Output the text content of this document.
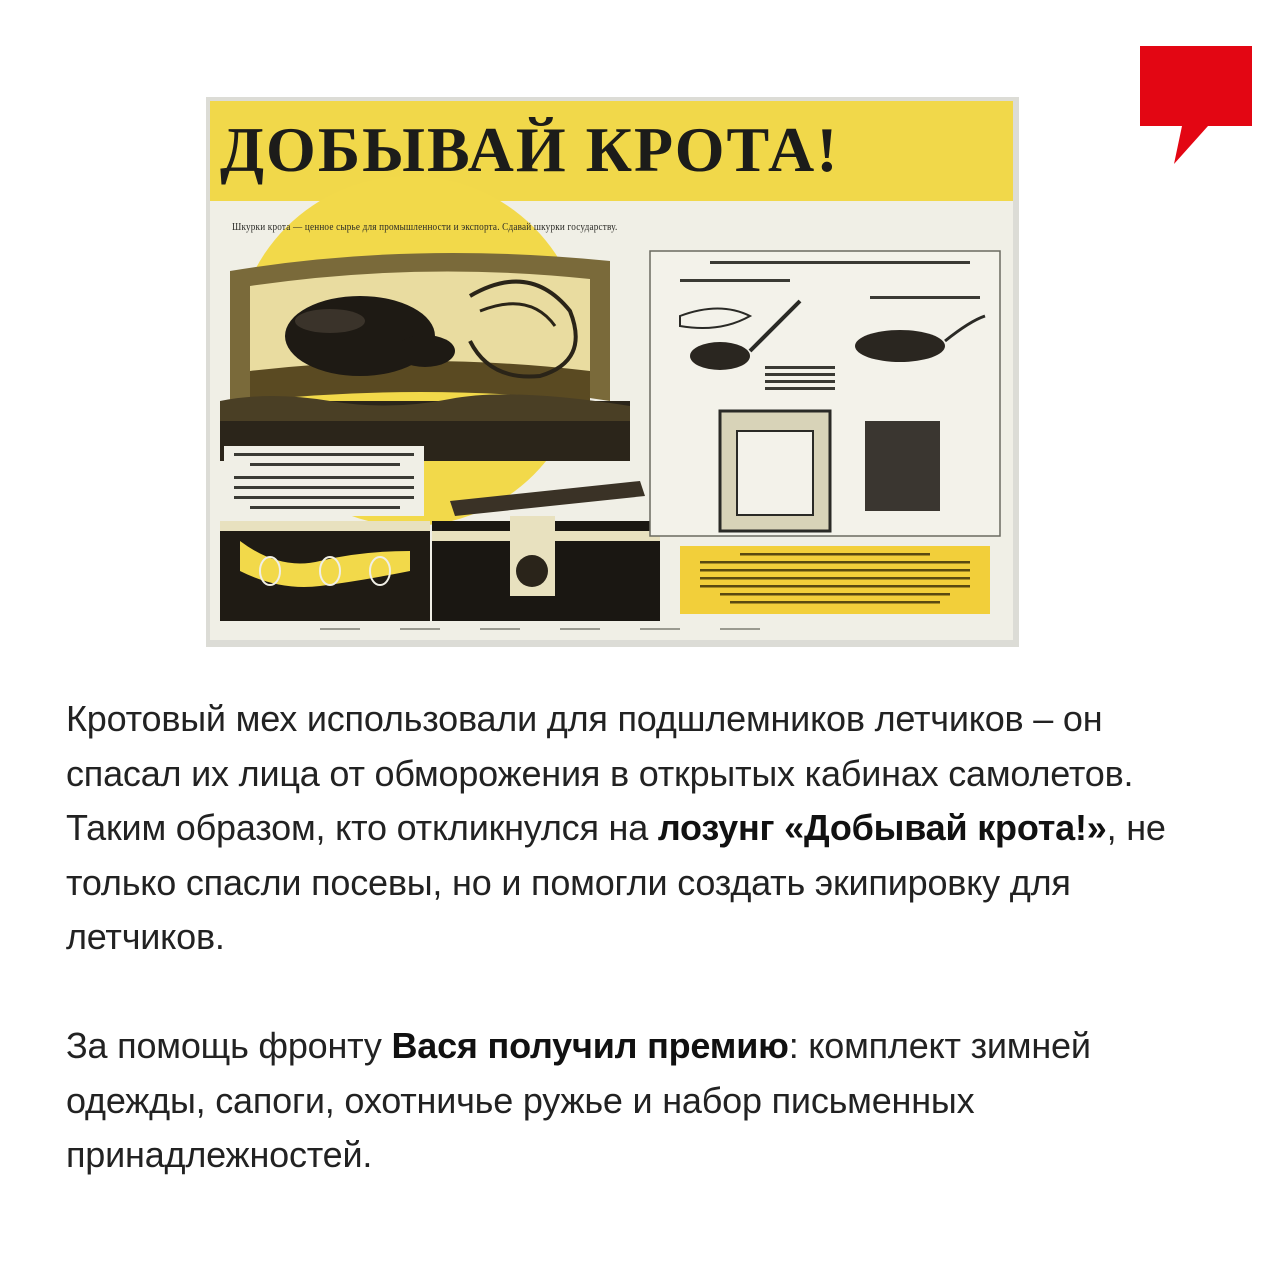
ДОБЫВАЙ КРОТА!
Шкурки крота — ценное сырье для промышленности и экспорта. Сдавай шкурки государству.

Кротовый мех использовали для подшлемников летчиков – он спасал их лица от обморожения в открытых кабинах самолетов. Таким образом, кто откликнулся на лозунг «Добывай крота!», не только спасли посевы, но и помогли создать экипировку для летчиков.

За помощь фронту Вася получил премию: комплект зимней одежды, сапоги, охотничье ружье и набор письменных принадлежностей.
